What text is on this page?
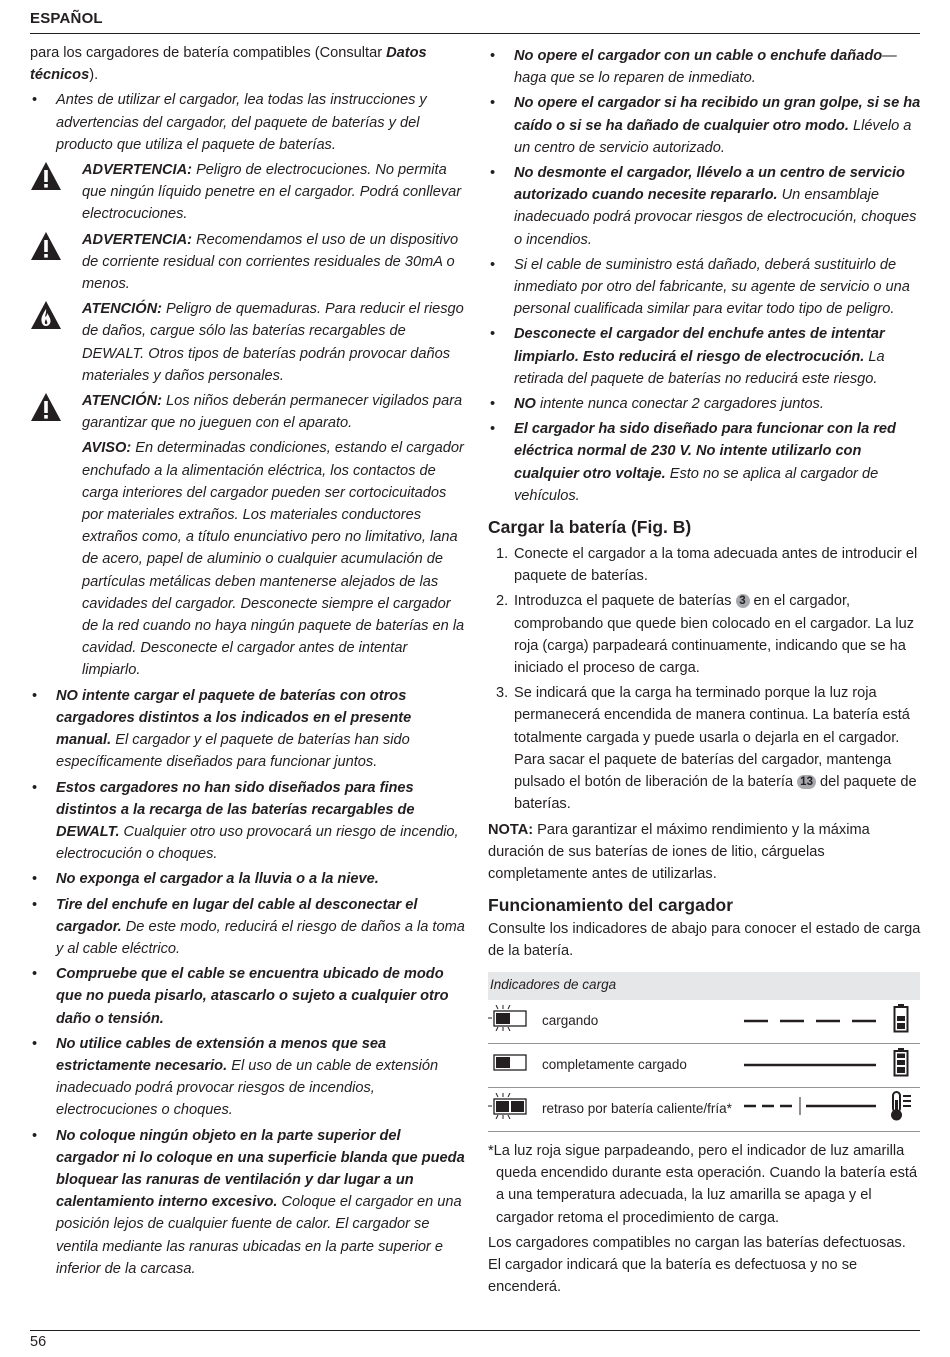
ESPAÑOL

para los cargadores de batería compatibles (Consultar Datos técnicos).

• Antes de utilizar el cargador, lea todas las instrucciones y advertencias del cargador, del paquete de baterías y del producto que utiliza el paquete de baterías.

ADVERTENCIA: Peligro de electrocuciones. No permita que ningún líquido penetre en el cargador. Podrá conllevar electrocuciones.
ADVERTENCIA: Recomendamos el uso de un dispositivo de corriente residual con corrientes residuales de 30mA o menos.
ATENCIÓN: Peligro de quemaduras. Para reducir el riesgo de daños, cargue sólo las baterías recargables de DEWALT. Otros tipos de baterías podrán provocar daños materiales y daños personales.
ATENCIÓN: Los niños deberán permanecer vigilados para garantizar que no jueguen con el aparato.
AVISO: En determinadas condiciones, estando el cargador enchufado a la alimentación eléctrica, los contactos de carga interiores del cargador pueden ser cortocicuitados por materiales extraños. Los materiales conductores extraños como, a título enunciativo pero no limitativo, lana de acero, papel de aluminio o cualquier acumulación de partículas metálicas deben mantenerse alejados de las cavidades del cargador. Desconecte siempre el cargador de la red cuando no haya ningún paquete de baterías en la cavidad. Desconecte el cargador antes de intentar limpiarlo.

• NO intente cargar el paquete de baterías con otros cargadores distintos a los indicados en el presente manual. El cargador y el paquete de baterías han sido específicamente diseñados para funcionar juntos.

• Estos cargadores no han sido diseñados para fines distintos a la recarga de las baterías recargables de DEWALT. Cualquier otro uso provocará un riesgo de incendio, electrocución o choques.

• No exponga el cargador a la lluvia o a la nieve.

• Tire del enchufe en lugar del cable al desconectar el cargador. De este modo, reducirá el riesgo de daños a la toma y al cable eléctrico.

• Compruebe que el cable se encuentra ubicado de modo que no pueda pisarlo, atascarlo o sujeto a cualquier otro daño o tensión.

• No utilice cables de extensión a menos que sea estrictamente necesario. El uso de un cable de extensión inadecuado podrá provocar riesgos de incendios, electrocuciones o choques.

• No coloque ningún objeto en la parte superior del cargador ni lo coloque en una superficie blanda que pueda bloquear las ranuras de ventilación y dar lugar a un calentamiento interno excesivo. Coloque el cargador en una posición lejos de cualquier fuente de calor. El cargador se ventila mediante las ranuras ubicadas en la parte superior e inferior de la carcasa.

• No opere el cargador con un cable o enchufe dañado—haga que se lo reparen de inmediato.

• No opere el cargador si ha recibido un gran golpe, si se ha caído o si se ha dañado de cualquier otro modo. Llévelo a un centro de servicio autorizado.

• No desmonte el cargador, llévelo a un centro de servicio autorizado cuando necesite repararlo. Un ensamblaje inadecuado podrá provocar riesgos de electrocución, choques o incendios.

• Si el cable de suministro está dañado, deberá sustituirlo de inmediato por otro del fabricante, su agente de servicio o una personal cualificada similar para evitar todo tipo de peligro.

• Desconecte el cargador del enchufe antes de intentar limpiarlo. Esto reducirá el riesgo de electrocución. La retirada del paquete de baterías no reducirá este riesgo.

• NO intente nunca conectar 2 cargadores juntos.

• El cargador ha sido diseñado para funcionar con la red eléctrica normal de 230 V. No intente utilizarlo con cualquier otro voltaje. Esto no se aplica al cargador de vehículos.

Cargar la batería (Fig. B)
1. Conecte el cargador a la toma adecuada antes de introducir el paquete de baterías.
2. Introduzca el paquete de baterías 3 en el cargador, comprobando que quede bien colocado en el cargador. La luz roja (carga) parpadeará continuamente, indicando que se ha iniciado el proceso de carga.
3. Se indicará que la carga ha terminado porque la luz roja permanecerá encendida de manera continua. La batería está totalmente cargada y puede usarla o dejarla en el cargador. Para sacar el paquete de baterías del cargador, mantenga pulsado el botón de liberación de la batería 13 del paquete de baterías.

NOTA: Para garantizar el máximo rendimiento y la máxima duración de sus baterías de iones de litio, cárguelas completamente antes de utilizarlas.

Funcionamiento del cargador

Consulte los indicadores de abajo para conocer el estado de carga de la batería.

Indicadores de carga			
	cargando		
	completamente cargado		
	retraso por batería caliente/fría*		

*La luz roja sigue parpadeando, pero el indicador de luz amarilla queda encendido durante esta operación. Cuando la batería está a una temperatura adecuada, la luz amarilla se apaga y el cargador retoma el procedimiento de carga.

Los cargadores compatibles no cargan las baterías defectuosas. El cargador indicará que la batería es defectuosa y no se encenderá.

56
